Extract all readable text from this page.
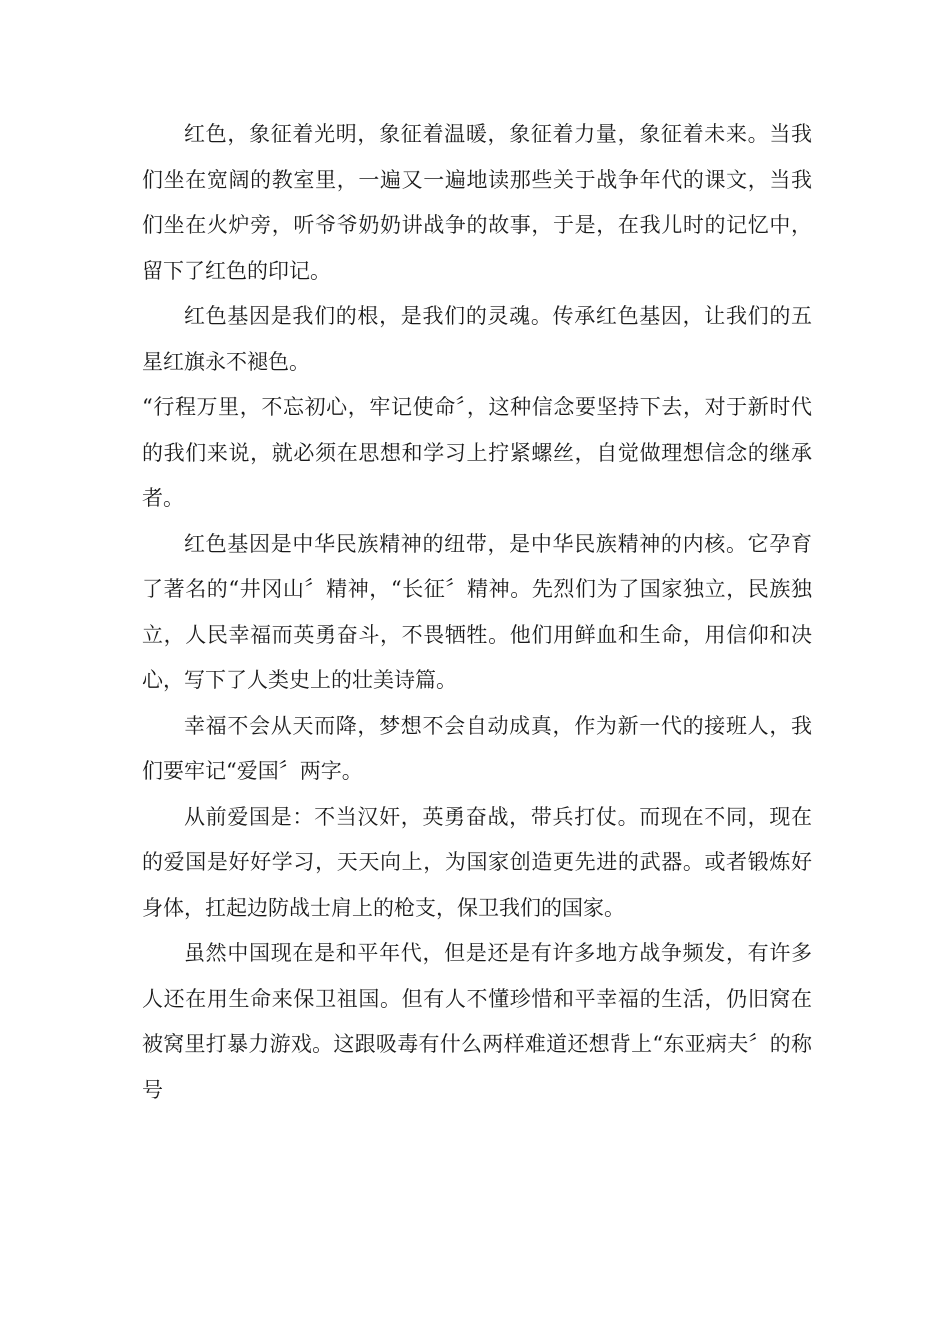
红色，象征着光明，象征着温暖，象征着力量，象征着未来。当我们坐在宽阔的教室里，一遍又一遍地读那些关于战争年代的课文，当我们坐在火炉旁，听爷爷奶奶讲战争的故事，于是，在我儿时的记忆中，留下了红色的印记。

红色基因是我们的根，是我们的灵魂。传承红色基因，让我们的五星红旗永不褪色。

“行程万里，不忘初心，牢记使命〞，这种信念要坚持下去，对于新时代的我们来说，就必须在思想和学习上拧紧螺丝，自觉做理想信念的继承者。

红色基因是中华民族精神的纽带，是中华民族精神的内核。它孕育了著名的“井冈山〞精神，“长征〞精神。先烈们为了国家独立，民族独立，人民幸福而英勇奋斗，不畏牺牲。他们用鲜血和生命，用信仰和决心，写下了人类史上的壮美诗篇。

幸福不会从天而降，梦想不会自动成真，作为新一代的接班人，我们要牢记“爱国〞两字。

从前爱国是：不当汉奸，英勇奋战，带兵打仗。而现在不同，现在的爱国是好好学习，天天向上，为国家创造更先进的武器。或者锻炼好身体，扛起边防战士肩上的枪支，保卫我们的国家。

虽然中国现在是和平年代，但是还是有许多地方战争频发，有许多人还在用生命来保卫祖国。但有人不懂珍惜和平幸福的生活，仍旧窝在被窝里打暴力游戏。这跟吸毒有什么两样难道还想背上“东亚病夫〞的称号
